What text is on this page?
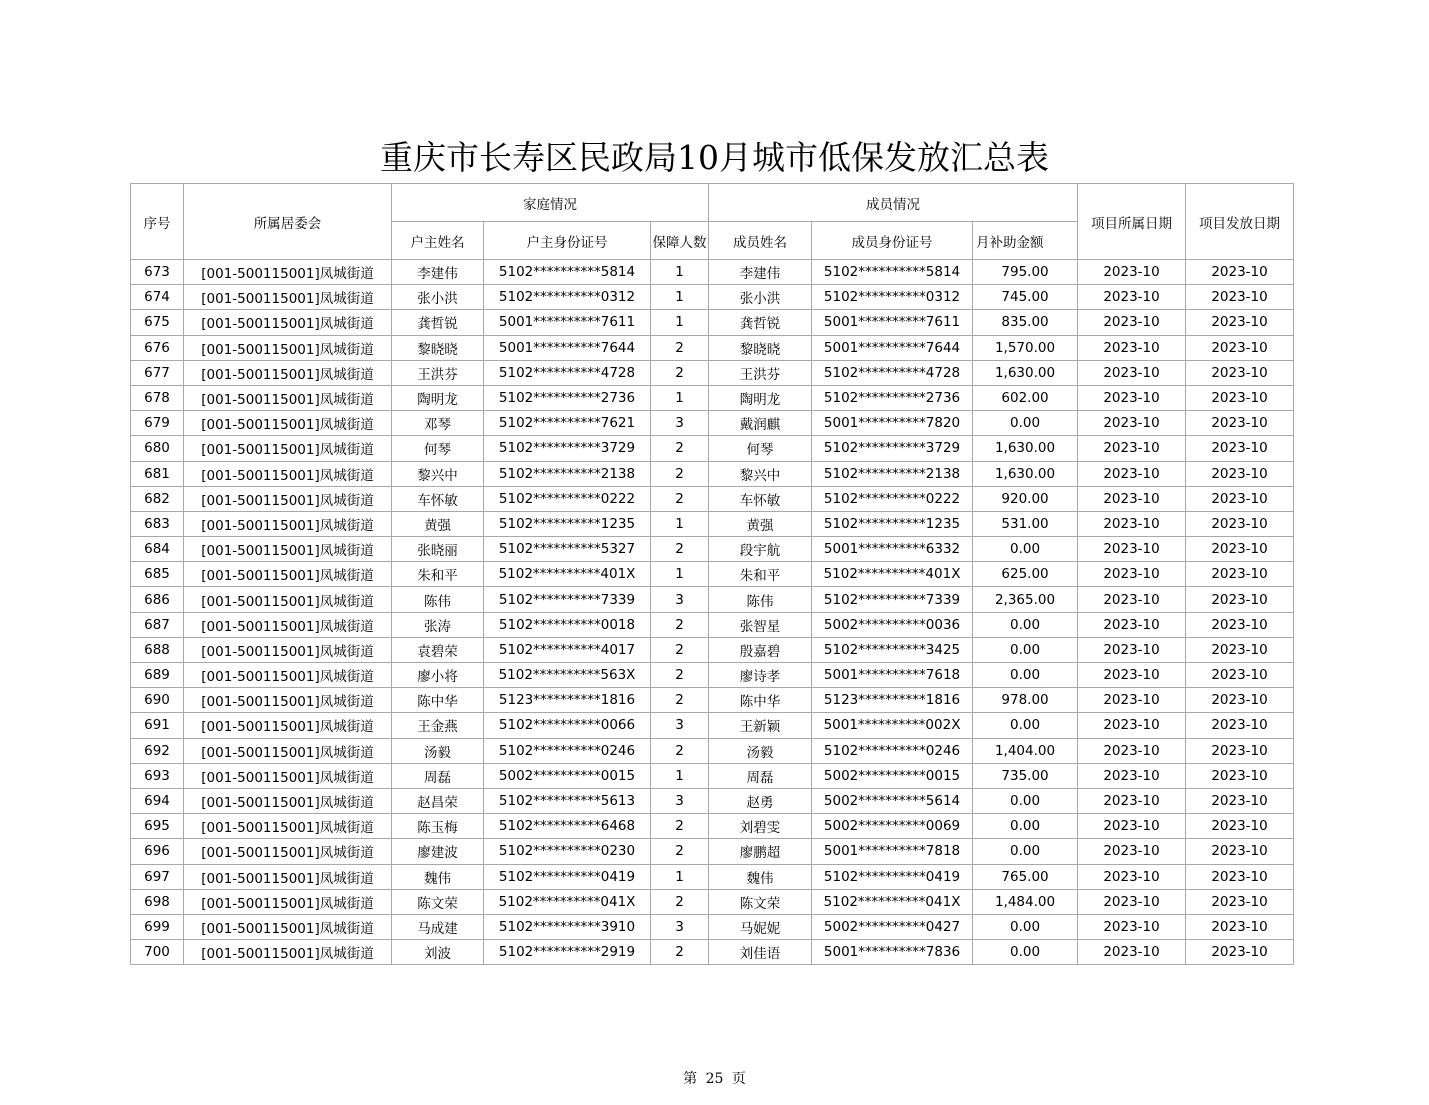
重庆市长寿区民政局10月城市低保发放汇总表
序号	所属居委会	家庭情况			成员情况			项目所属日期	项目发放日期
		户主姓名	户主身份证号	保障人数	成员姓名	成员身份证号	月补助金额		
673	[001-500115001]凤城街道	李建伟	5102**********5814	1	李建伟	5102**********5814	795.00	2023-10	2023-10
674	[001-500115001]凤城街道	张小洪	5102**********0312	1	张小洪	5102**********0312	745.00	2023-10	2023-10
675	[001-500115001]凤城街道	龚哲锐	5001**********7611	1	龚哲锐	5001**********7611	835.00	2023-10	2023-10
676	[001-500115001]凤城街道	黎晓晓	5001**********7644	2	黎晓晓	5001**********7644	1,570.00	2023-10	2023-10
677	[001-500115001]凤城街道	王洪芬	5102**********4728	2	王洪芬	5102**********4728	1,630.00	2023-10	2023-10
678	[001-500115001]凤城街道	陶明龙	5102**********2736	1	陶明龙	5102**********2736	602.00	2023-10	2023-10
679	[001-500115001]凤城街道	邓琴	5102**********7621	3	戴润麒	5001**********7820	0.00	2023-10	2023-10
680	[001-500115001]凤城街道	何琴	5102**********3729	2	何琴	5102**********3729	1,630.00	2023-10	2023-10
681	[001-500115001]凤城街道	黎兴中	5102**********2138	2	黎兴中	5102**********2138	1,630.00	2023-10	2023-10
682	[001-500115001]凤城街道	车怀敏	5102**********0222	2	车怀敏	5102**********0222	920.00	2023-10	2023-10
683	[001-500115001]凤城街道	黄强	5102**********1235	1	黄强	5102**********1235	531.00	2023-10	2023-10
684	[001-500115001]凤城街道	张晓丽	5102**********5327	2	段宇航	5001**********6332	0.00	2023-10	2023-10
685	[001-500115001]凤城街道	朱和平	5102**********401X	1	朱和平	5102**********401X	625.00	2023-10	2023-10
686	[001-500115001]凤城街道	陈伟	5102**********7339	3	陈伟	5102**********7339	2,365.00	2023-10	2023-10
687	[001-500115001]凤城街道	张涛	5102**********0018	2	张智星	5002**********0036	0.00	2023-10	2023-10
688	[001-500115001]凤城街道	袁碧荣	5102**********4017	2	殷嘉碧	5102**********3425	0.00	2023-10	2023-10
689	[001-500115001]凤城街道	廖小将	5102**********563X	2	廖诗孝	5001**********7618	0.00	2023-10	2023-10
690	[001-500115001]凤城街道	陈中华	5123**********1816	2	陈中华	5123**********1816	978.00	2023-10	2023-10
691	[001-500115001]凤城街道	王金燕	5102**********0066	3	王新颖	5001**********002X	0.00	2023-10	2023-10
692	[001-500115001]凤城街道	汤毅	5102**********0246	2	汤毅	5102**********0246	1,404.00	2023-10	2023-10
693	[001-500115001]凤城街道	周磊	5002**********0015	1	周磊	5002**********0015	735.00	2023-10	2023-10
694	[001-500115001]凤城街道	赵昌荣	5102**********5613	3	赵勇	5002**********5614	0.00	2023-10	2023-10
695	[001-500115001]凤城街道	陈玉梅	5102**********6468	2	刘碧雯	5002**********0069	0.00	2023-10	2023-10
696	[001-500115001]凤城街道	廖建波	5102**********0230	2	廖鹏超	5001**********7818	0.00	2023-10	2023-10
697	[001-500115001]凤城街道	魏伟	5102**********0419	1	魏伟	5102**********0419	765.00	2023-10	2023-10
698	[001-500115001]凤城街道	陈文荣	5102**********041X	2	陈文荣	5102**********041X	1,484.00	2023-10	2023-10
699	[001-500115001]凤城街道	马成建	5102**********3910	3	马妮妮	5002**********0427	0.00	2023-10	2023-10
700	[001-500115001]凤城街道	刘波	5102**********2919	2	刘佳语	5001**********7836	0.00	2023-10	2023-10
第 25 页
